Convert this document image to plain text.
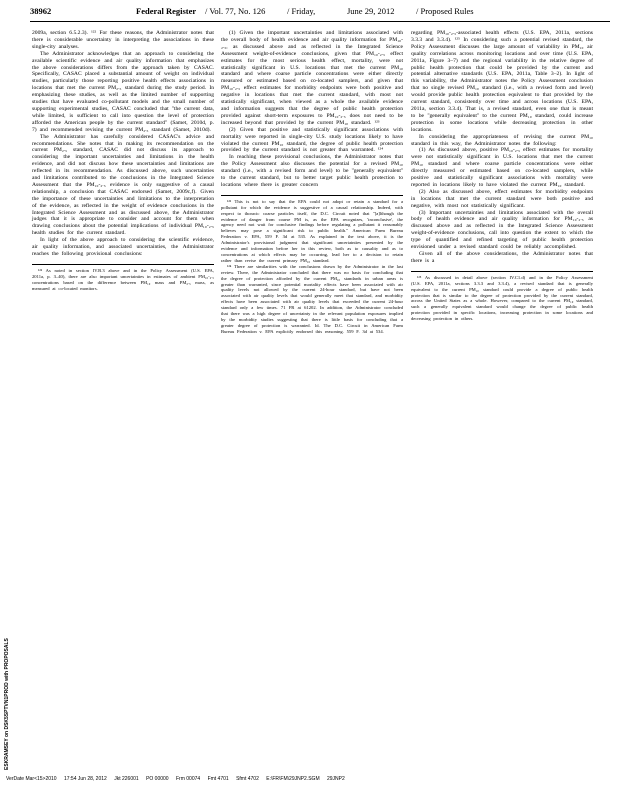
38962	Federal Register / Vol. 77, No. 126	/ Friday,	June 29, 2012	/ Proposed Rules

2009a, section 6.5.2.3). ¹²² For these reasons, the Administrator notes that there is considerable uncertainty in interpreting the associations in these single-city analyses.

The Administrator acknowledges that an approach to considering the available scientific evidence and air quality information that emphasizes the above considerations differs from the approach taken by CASAC. Specifically, CASAC placed a substantial amount of weight on individual studies, particularly those reporting positive health effects associations in locations that met the current PM₂.₅ standard during the study period. In emphasizing these studies, as well as the limited number of supporting studies that have evaluated co-pollutant models and the small number of supporting experimental studies, CASAC concluded that ''the current data, while limited, is sufficient to call into question the level of protection afforded the American people by the current standard'' (Samet, 2010d, p. 7) and recommended revising the current PM₂.₅ standard (Samet, 2010d).

The Administrator has carefully considered CASAC's advice and recommendations. She notes that in making its recommendation on the current PM₂.₅ standard, CASAC did not discuss its approach to considering the important uncertainties and limitations in the health evidence, and did not discuss how these uncertainties and limitations are reflected in its recommendation. As discussed above, such uncertainties and limitations contributed to the conclusions in the Integrated Science Assessment that the PM₁₀-₂.₅ evidence is only suggestive of a causal relationship, a conclusion that CASAC endorsed (Samet, 2009c,f). Given the importance of these uncertainties and limitations to the interpretation of the evidence, as reflected in the weight of evidence conclusions in the Integrated Science Assessment and as discussed above, the Administrator judges that it is appropriate to consider and account for them when drawing conclusions about the potential implications of individual PM₁₀-₂.₅ health studies for the current standard.

In light of the above approach to considering the scientific evidence, air quality information, and associated uncertainties, the Administrator reaches the following provisional conclusions:

¹²² As noted in section IV.B.3 above and in the Policy Assessment (U.S. EPA, 2011a, p. 3–40), there are also important uncertainties in estimates of ambient PM₁₀-₂.₅ concentrations based on the difference between PM₁₀ mass and PM₂.₅ mass, as measured at co-located monitors.

(1) Given the important uncertainties and limitations associated with the overall body of health evidence and air quality information for PM₁₀-₂.₅, as discussed above and as reflected in the Integrated Science Assessment weight-of-evidence conclusions, given that PM₁₀-₂.₅ effect estimates for the most serious health effect, mortality, were not statistically significant in U.S. locations that met the current PM₁₀ standard and where coarse particle concentrations were either directly measured or estimated based on co-located samplers, and given that PM₁₀-₂.₅ effect estimates for morbidity endpoints were both positive and negative in locations that met the current standard, with most not statistically significant, when viewed as a whole the available evidence and information suggests that the degree of public health protection provided against short-term exposures to PM₁₀-₂.₅ does not need to be increased beyond that provided by the current PM₁₀ standard. ¹²³

(2) Given that positive and statistically significant associations with mortality were reported in single-city U.S. study locations likely to have violated the current PM₁₀ standard, the degree of public health protection provided by the current standard is not greater than warranted. ¹²⁴

In reaching these provisional conclusions, the Administrator notes that the Policy Assessment also discusses the potential for a revised PM₁₀ standard (i.e., with a revised form and level) to be ''generally equivalent'' to the current standard, but to better target public health protection to locations where there is greater concern

¹²³ This is not to say that the EPA could not adopt or retain a standard for a pollutant for which the evidence is suggestive of a causal relationship. Indeed, with respect to thoracic coarse particles itself, the D.C. Circuit noted that ''[a]lthough the evidence of danger from coarse PM is, as the EPA recognizes, 'inconclusive', the agency need not wait for conclusive findings before regulating a pollutant it reasonably believes may pose a significant risk to public health.'' American Farm Bureau Federation v. EPA, 559 F. 3d at 535. As explained in the text above, it is the Administrator's provisional judgment that significant uncertainties presented by the evidence and information before her in this review, both as to causality and as to concentrations at which effects may be occurring, lead her to a decision to retain rather than revise the current primary PM₁₀ standard.

¹²⁴ There are similarities with the conclusions drawn by the Administrator in the last review. There, the Administrator concluded that there was no basis for concluding that the degree of protection afforded by the current PM₁₀ standards in urban areas is greater than warranted, since potential mortality effects have been associated with air quality levels not allowed by the current 24-hour standard, but have not been associated with air quality levels that would generally meet that standard, and morbidity effects have been associated with air quality levels that exceeded the current 24-hour standard only a few times. 71 FR at 61202. In addition, the Administrator concluded that there was a high degree of uncertainty in the relevant population exposures implied by the morbidity studies suggesting that there is little basis for concluding that a greater degree of protection is warranted. Id. The D.C. Circuit in American Farm Bureau Federation v. EPA explicitly endorsed this reasoning. 559 F. 3d at 534.

regarding PM₁₀-₂.₅-associated health effects (U.S. EPA, 2011a, sections 3.3.3 and 3.3.4). ¹²⁵ In considering such a potential revised standard, the Policy Assessment discusses the large amount of variability in PM₁₀ air quality correlations across monitoring locations and over time (U.S. EPA, 2011a, Figure 3–7) and the regional variability in the relative degree of public health protection that could be provided by the current and potential alternative standards (U.S. EPA, 2011a, Table 3–2). In light of this variability, the Administrator notes the Policy Assessment conclusion that no single revised PM₁₀ standard (i.e., with a revised form and level) would provide public health protection equivalent to that provided by the current standard, consistently over time and across locations (U.S. EPA, 2011a, section 3.3.4). That is, a revised standard, even one that is meant to be ''generally equivalent'' to the current PM₁₀ standard, could increase protection in some locations while decreasing protection in other locations.

In considering the appropriateness of revising the current PM₁₀ standard in this way, the Administrator notes the following:

(1) As discussed above, positive PM₁₀-₂.₅ effect estimates for mortality were not statistically significant in U.S. locations that met the current PM₁₀ standard and where coarse particle concentrations were either directly measured or estimated based on co-located samplers, while positive and statistically significant associations with mortality were reported in locations likely to have violated the current PM₁₀ standard.

(2) Also as discussed above, effect estimates for morbidity endpoints in locations that met the current standard were both positive and negative, with most not statistically significant.

(3) Important uncertainties and limitations associated with the overall body of health evidence and air quality information for PM₁₀-₂.₅ as discussed above and as reflected in the Integrated Science Assessment weight-of-evidence conclusions, call into question the extent to which the type of quantified and refined targeting of public health protection envisioned under a revised standard could be reliably accomplished.

Given all of the above considerations, the Administrator notes that there is a

¹²⁵ As discussed in detail above (section IV.C1.d) and in the Policy Assessment (U.S. EPA, 2011a, sections 3.3.3 and 3.3.4), a revised standard that is generally equivalent to the current PM₁₀ standard could provide a degree of public health protection that is similar to the degree of protection provided by the current standard, across the United States as a whole. However, compared to the current PM₁₀ standard, such a generally equivalent standard would change the degree of public health protection provided in specific locations, increasing protection in some locations and decreasing protection in others.

ESKRAMSEY on DSK5SPTVN1PROD with PROPOSALS
VerDate Mar<15>2010 17:54 Jun 28, 2012 Jkt 226001 PO 00000 Frm 00074 Fmt 4701 Sfmt 4702 E:\FR\FM\29JNP2.SGM 29JNP2
